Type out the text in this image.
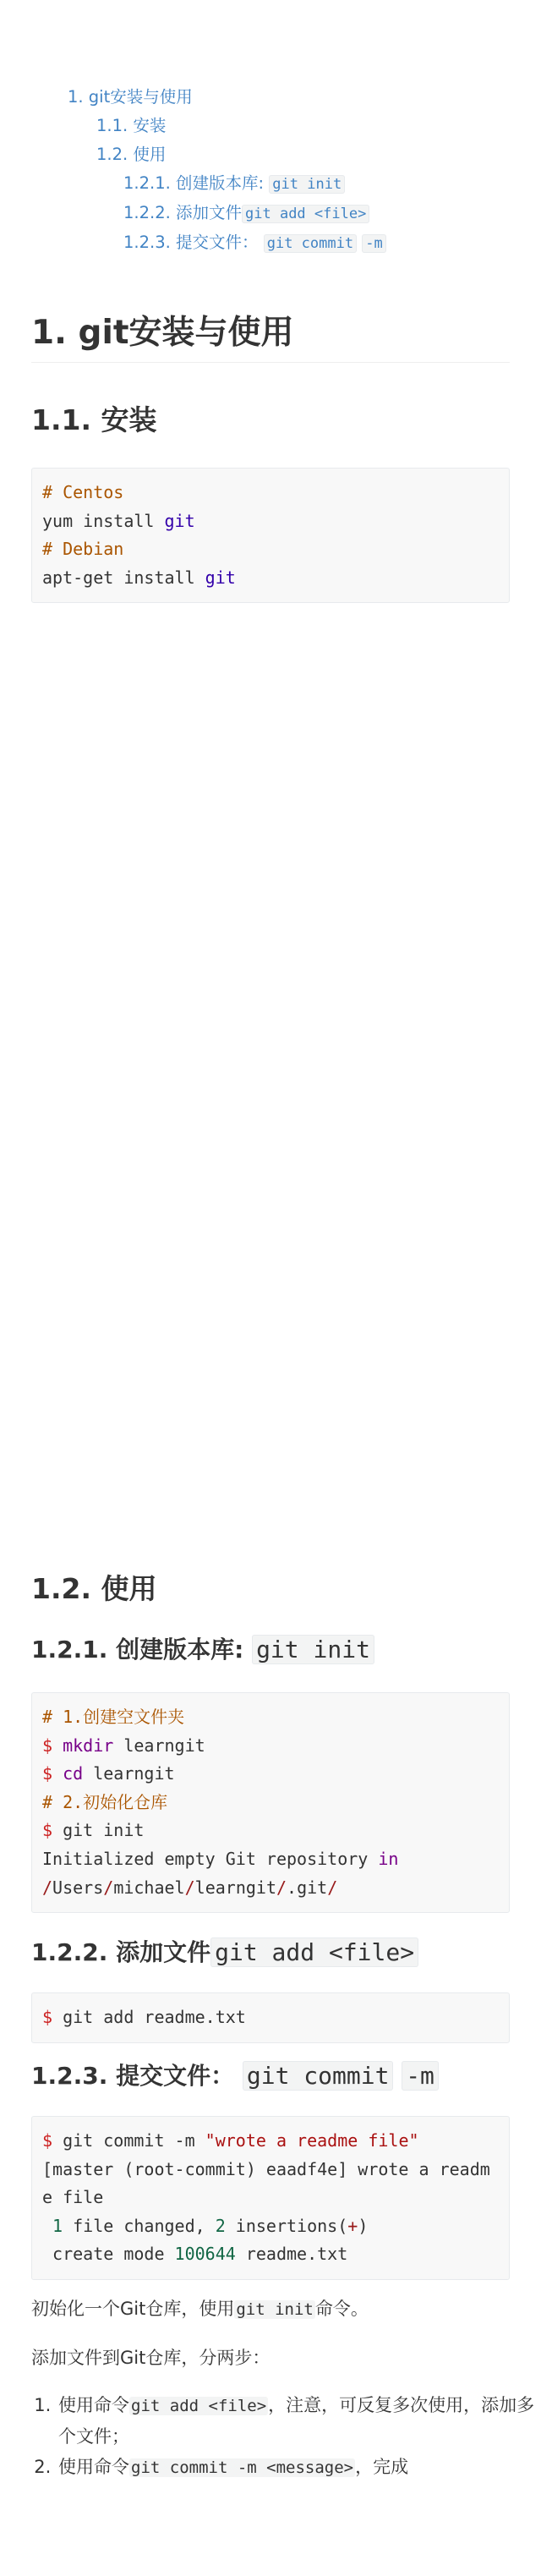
1. git安装与使用
1.1. 安装
1.2. 使用
1.2.1. 创建版本库: git init
1.2.2. 添加文件 git add <file>
1.2.3. 提交文件： git commit -m
1. git安装与使用
1.1. 安装
# Centos
yum install git
# Debian
apt-get install git
1.2. 使用
1.2.1. 创建版本库: git init
# 1.创建空文件夹
$ mkdir learngit
$ cd learngit
# 2.初始化仓库
$ git init
Initialized empty Git repository in
/Users/michael/learngit/.git/
1.2.2. 添加文件 git add <file>
$ git add readme.txt
1.2.3. 提交文件： git commit -m
$ git commit -m "wrote a readme file"
[master (root-commit) eaadf4e] wrote a readme file
1 file changed, 2 insertions(+)
create mode 100644 readme.txt

初始化一个Git仓库，使用 git init命令。

添加文件到Git仓库，分两步：

1. 使用命令 git add <file>，注意，可反复多次使用，添加多个文件；
2. 使用命令 git commit -m <message>，完成
